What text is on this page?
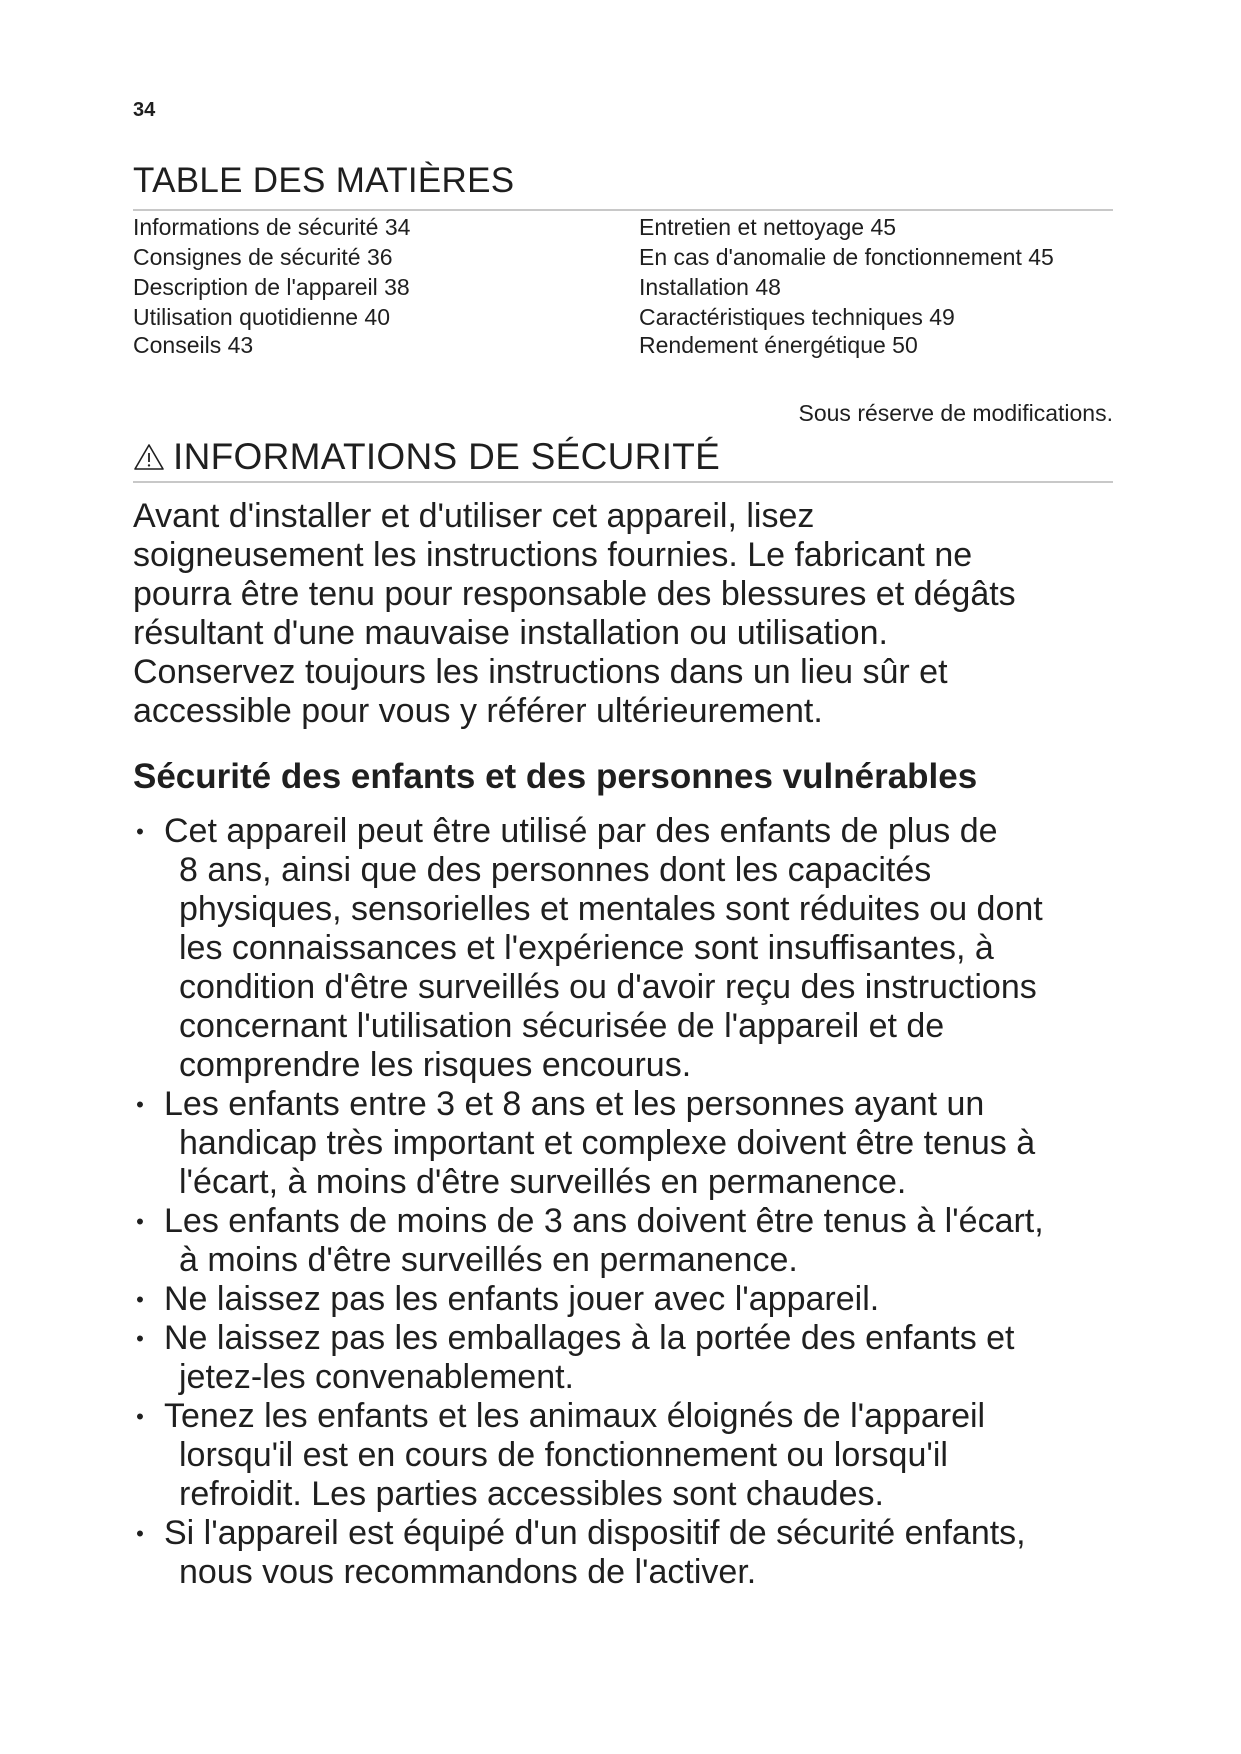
34
TABLE DES MATIÈRES
Informations de sécurité 34
Consignes de sécurité 36
Description de l'appareil 38
Utilisation quotidienne 40
Conseils 43
Entretien et nettoyage 45
En cas d'anomalie de fonctionnement 45
Installation 48
Caractéristiques techniques 49
Rendement énergétique 50
Sous réserve de modifications.
INFORMATIONS DE SÉCURITÉ

Avant d'installer et d'utiliser cet appareil, lisez
soigneusement les instructions fournies. Le fabricant ne
pourra être tenu pour responsable des blessures et dégâts
résultant d'une mauvaise installation ou utilisation.
Conservez toujours les instructions dans un lieu sûr et
accessible pour vous y référer ultérieurement.

Sécurité des enfants et des personnes vulnérables
• Cet appareil peut être utilisé par des enfants de plus de
8 ans, ainsi que des personnes dont les capacités
physiques, sensorielles et mentales sont réduites ou dont
les connaissances et l'expérience sont insuffisantes, à
condition d'être surveillés ou d'avoir reçu des instructions
concernant l'utilisation sécurisée de l'appareil et de
comprendre les risques encourus.
• Les enfants entre 3 et 8 ans et les personnes ayant un
handicap très important et complexe doivent être tenus à
l'écart, à moins d'être surveillés en permanence.
• Les enfants de moins de 3 ans doivent être tenus à l'écart,
à moins d'être surveillés en permanence.
• Ne laissez pas les enfants jouer avec l'appareil.
• Ne laissez pas les emballages à la portée des enfants et
jetez-les convenablement.
• Tenez les enfants et les animaux éloignés de l'appareil
lorsqu'il est en cours de fonctionnement ou lorsqu'il
refroidit. Les parties accessibles sont chaudes.
• Si l'appareil est équipé d'un dispositif de sécurité enfants,
nous vous recommandons de l'activer.
